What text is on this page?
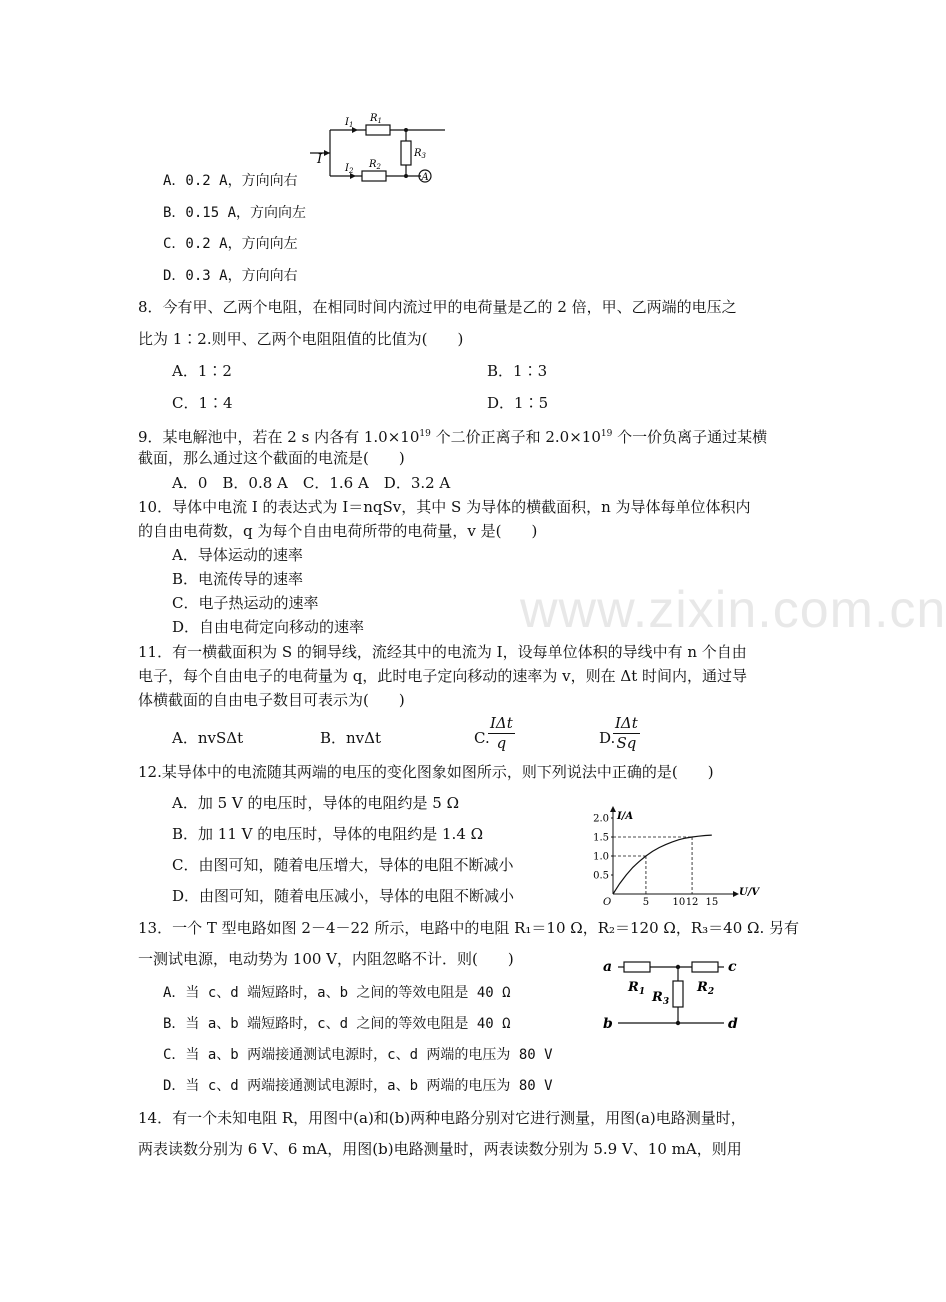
www.zixin.com.cn
A
I
$I_1$
$R_1$
$I_2$
$R_2$
$R_3$
A．0.2 A，方向向右
B．0.15 A，方向向左
C．0.2 A，方向向左
D．0.3 A，方向向右
8．今有甲、乙两个电阻，在相同时间内流过甲的电荷量是乙的 2 倍，甲、乙两端的电压之
比为 1∶2.则甲、乙两个电阻阻值的比值为(　　)
A．1∶2	B．1∶3
C．1∶4	D．1∶5
9．某电解池中，若在 2 s 内各有 $1.0\times 10^{19}$ 个二价正离子和 $2.0\times 10^{19}$ 个一价负离子通过某横
截面，那么通过这个截面的电流是(　　)
A．0　B．0.8 A　C．1.6 A　D．3.2 A
10．导体中电流 I 的表达式为 I＝nqSv，其中 S 为导体的横截面积，n 为导体每单位体积内
的自由电荷数，q 为每个自由电荷所带的电荷量，v 是(　　)
A．导体运动的速率
B．电流传导的速率
C．电子热运动的速率
D．自由电荷定向移动的速率
11．有一横截面积为 S 的铜导线，流经其中的电流为 I，设每单位体积的导线中有 n 个自由
电子，每个自由电子的电荷量为 q，此时电子定向移动的速率为 v，则在 Δt 时间内，通过导
体横截面的自由电子数目可表示为(　　)
A．nvSΔt	B．nvΔt	C.
IΔt
q	D.
IΔt
Sq
12.某导体中的电流随其两端的电压的变化图象如图所示，则下列说法中正确的是(　　)
A．加 5 V 的电压时，导体的电阻约是 5 Ω
B．加 11 V 的电压时，导体的电阻约是 1.4 Ω
C．由图可知，随着电压增大，导体的电阻不断减小
D．由图可知，随着电压减小，导体的电阻不断减小	U/V
I/A
O	5 10 12 15
0.5
1.0
1.5
2.0
13．一个 T 型电路如图 2－4－22 所示，电路中的电阻 R₁＝10 Ω，R₂＝120 Ω，R₃＝40 Ω. 另有
一测试电源，电动势为 100 V，内阻忽略不计．则(　　)
A．当 c、d 端短路时，a、b 之间的等效电阻是 40 Ω
B．当 a、b 端短路时，c、d 之间的等效电阻是 40 Ω
C．当 a、b 两端接通测试电源时，c、d 两端的电压为 80 V
D．当 c、d 两端接通测试电源时，a、b 两端的电压为 80 V
a	c
b	d
$R_1$	$R_2$
$R_3$
14．有一个未知电阻 R，用图中(a)和(b)两种电路分别对它进行测量，用图(a)电路测量时，
两表读数分别为 6 V、6 mA，用图(b)电路测量时，两表读数分别为 5.9 V、10 mA，则用
